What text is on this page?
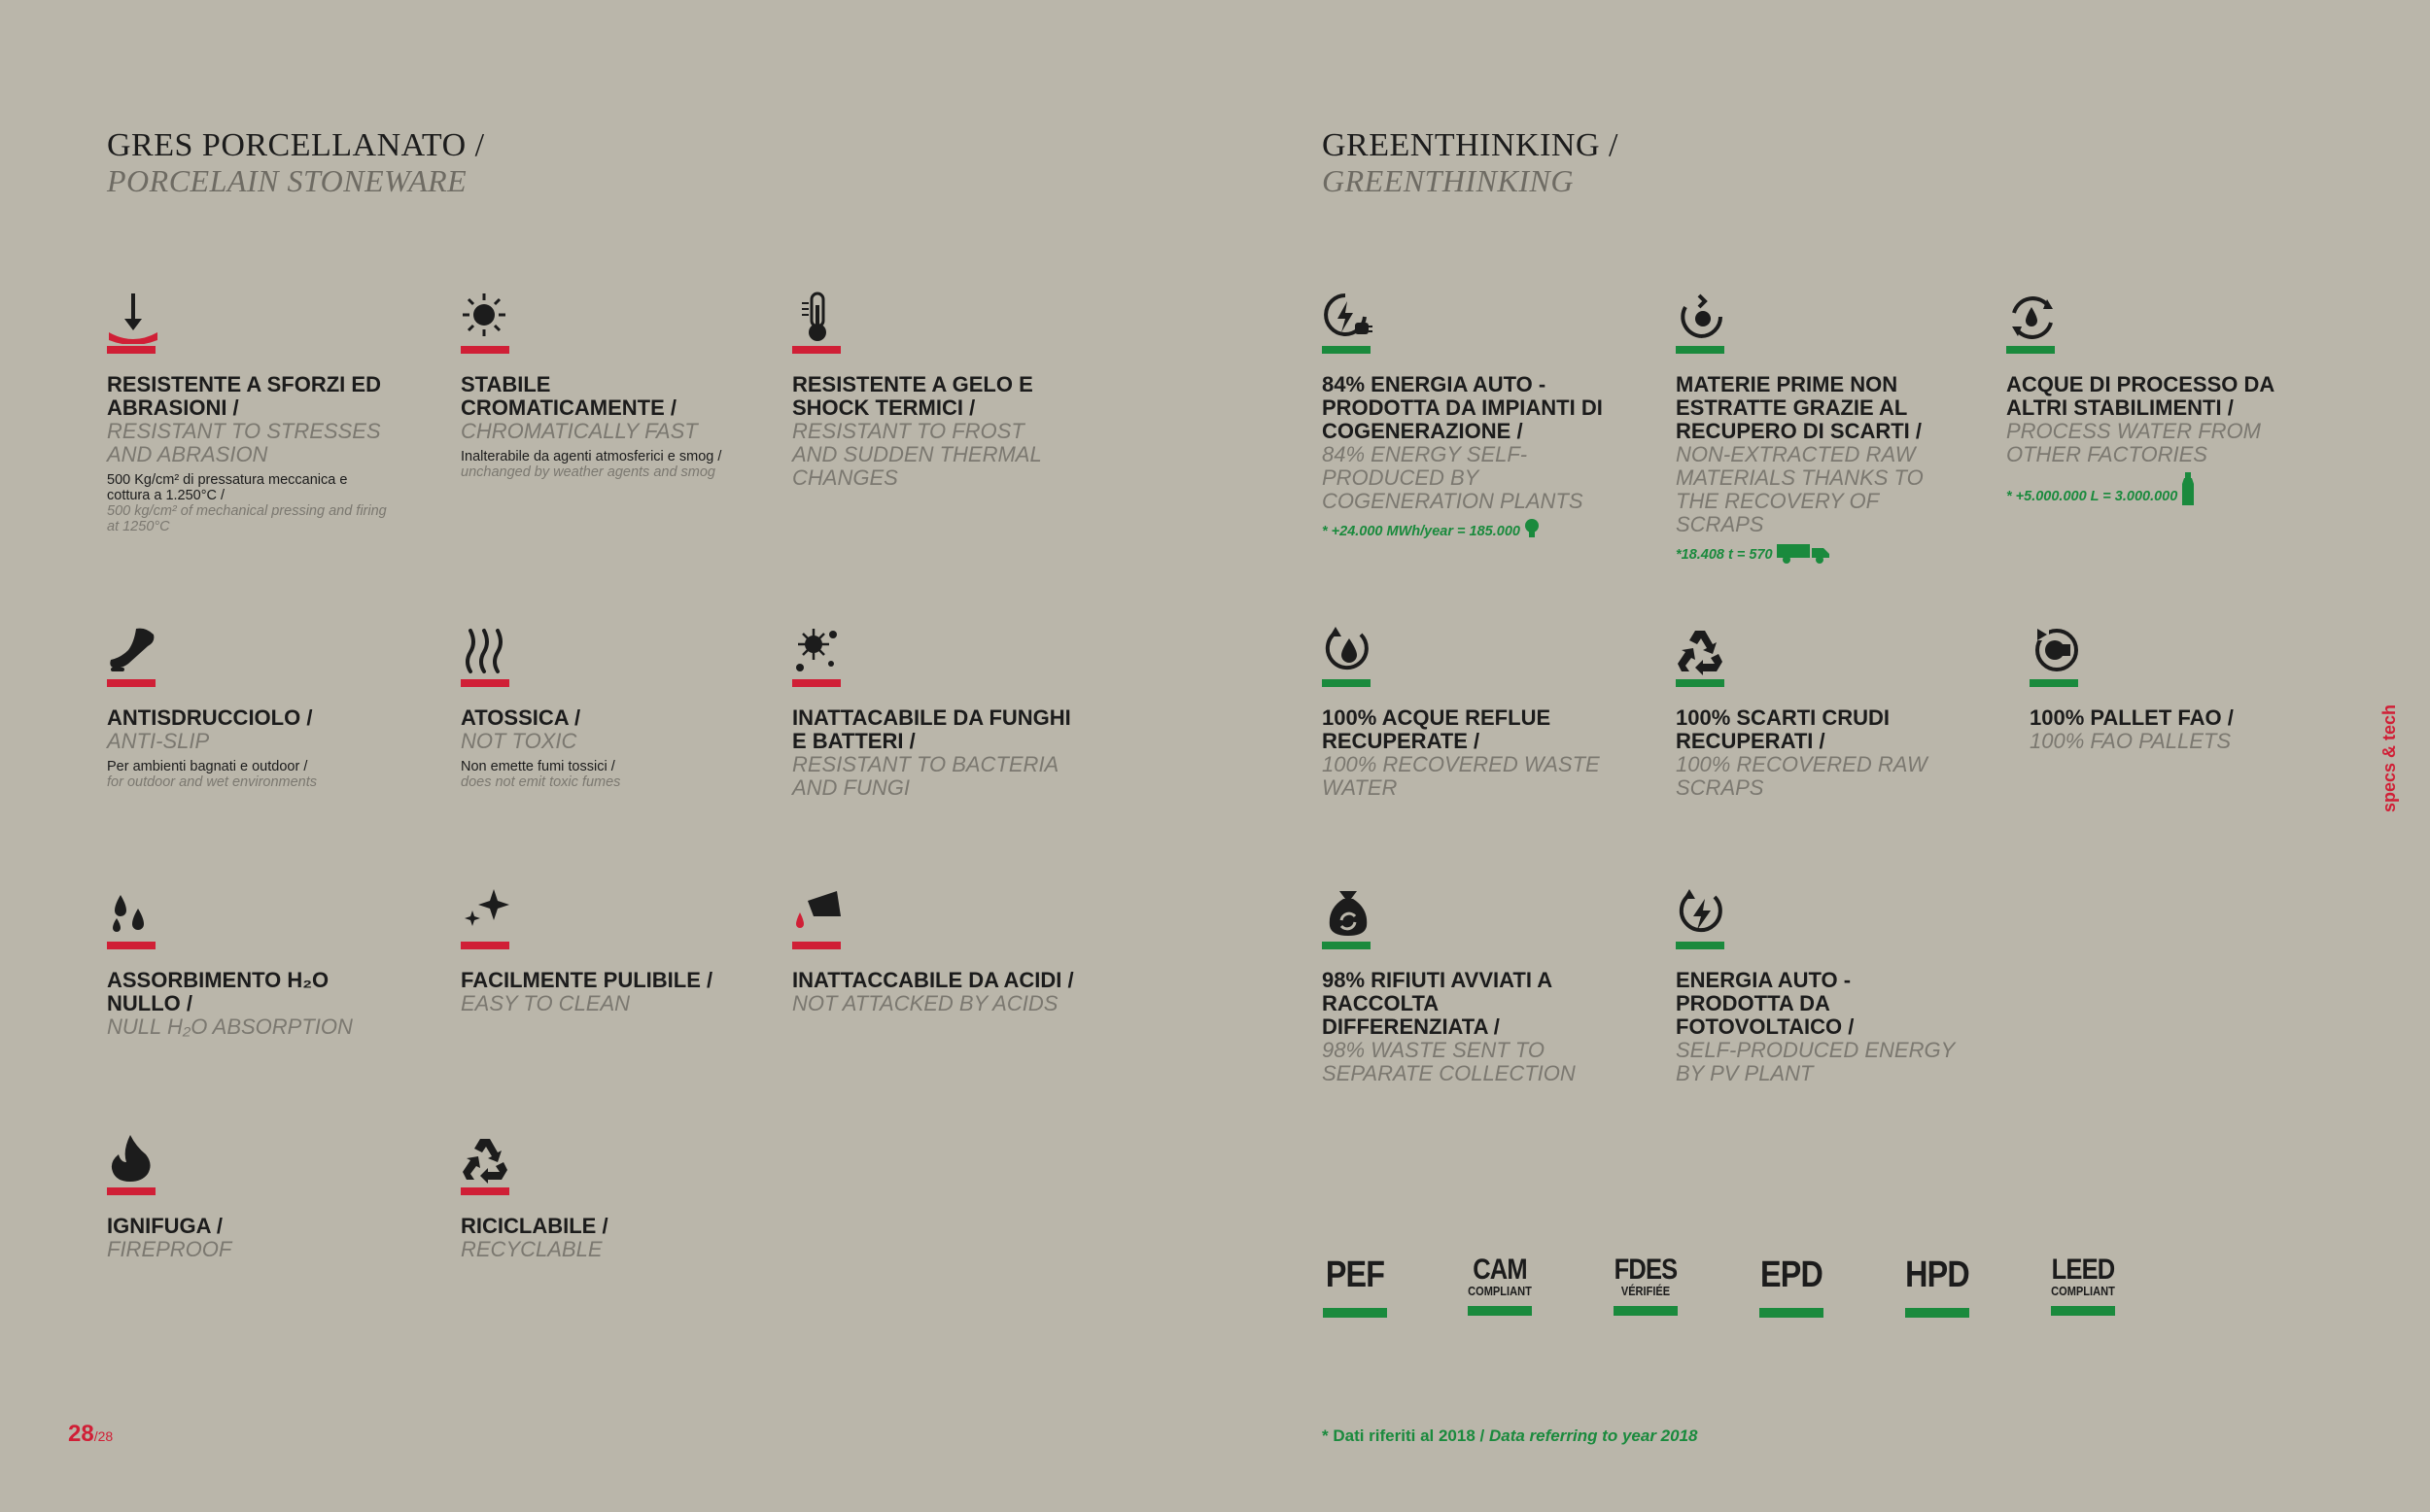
GRES PORCELLANATO /
PORCELAIN STONEWARE
GREENTHINKING /
GREENTHINKING
RESISTENTE A SFORZI ED ABRASIONI /
RESISTANT TO STRESSES AND ABRASION
500 Kg/cm² di pressatura meccanica e cottura a 1.250°C /
500 kg/cm² of mechanical pressing and firing at 1250°C
STABILE CROMATICAMENTE /
CHROMATICALLY FAST
Inalterabile da agenti atmosferici e smog / unchanged by weather agents and smog
RESISTENTE A GELO E SHOCK TERMICI /
RESISTANT TO FROST AND SUDDEN THERMAL CHANGES
ANTISDRUCCIOLO /
ANTI-SLIP
Per ambienti bagnati e outdoor /
for outdoor and wet environments
ATOSSICA /
NOT TOXIC
Non emette fumi tossici /
does not emit toxic fumes
INATTACABILE DA FUNGHI E BATTERI /
RESISTANT TO BACTERIA AND FUNGI
ASSORBIMENTO H₂O NULLO /
NULL H₂O ABSORPTION
FACILMENTE PULIBILE /
EASY TO CLEAN
INATTACCABILE DA ACIDI /
NOT ATTACKED BY ACIDS
IGNIFUGA /
FIREPROOF
RICICLABILE /
RECYCLABLE
84% ENERGIA AUTO - PRODOTTA DA IMPIANTI DI COGENERAZIONE /
84% ENERGY SELF-PRODUCED BY COGENERATION PLANTS
* +24.000 MWh/year = 185.000
MATERIE PRIME NON ESTRATTE GRAZIE AL RECUPERO DI SCARTI /
NON-EXTRACTED RAW MATERIALS THANKS TO THE RECOVERY OF SCRAPS
*18.408 t = 570
ACQUE DI PROCESSO DA ALTRI STABILIMENTI /
PROCESS WATER FROM OTHER FACTORIES
* +5.000.000 L = 3.000.000
100% ACQUE REFLUE RECUPERATE /
100% RECOVERED WASTE WATER
100% SCARTI CRUDI RECUPERATI /
100% RECOVERED RAW SCRAPS
100% PALLET FAO /
100% FAO PALLETS
98% RIFIUTI AVVIATI A RACCOLTA DIFFERENZIATA /
98% WASTE SENT TO SEPARATE COLLECTION
ENERGIA AUTO - PRODOTTA DA FOTOVOLTAICO /
SELF-PRODUCED ENERGY BY PV PLANT
PEF	CAM
COMPLIANT
FDES
VÉRIFIÉE EPD HPD	LEED
COMPLIANT
* Dati riferiti al 2018 / Data referring to year 2018
28/28
specs & tech
